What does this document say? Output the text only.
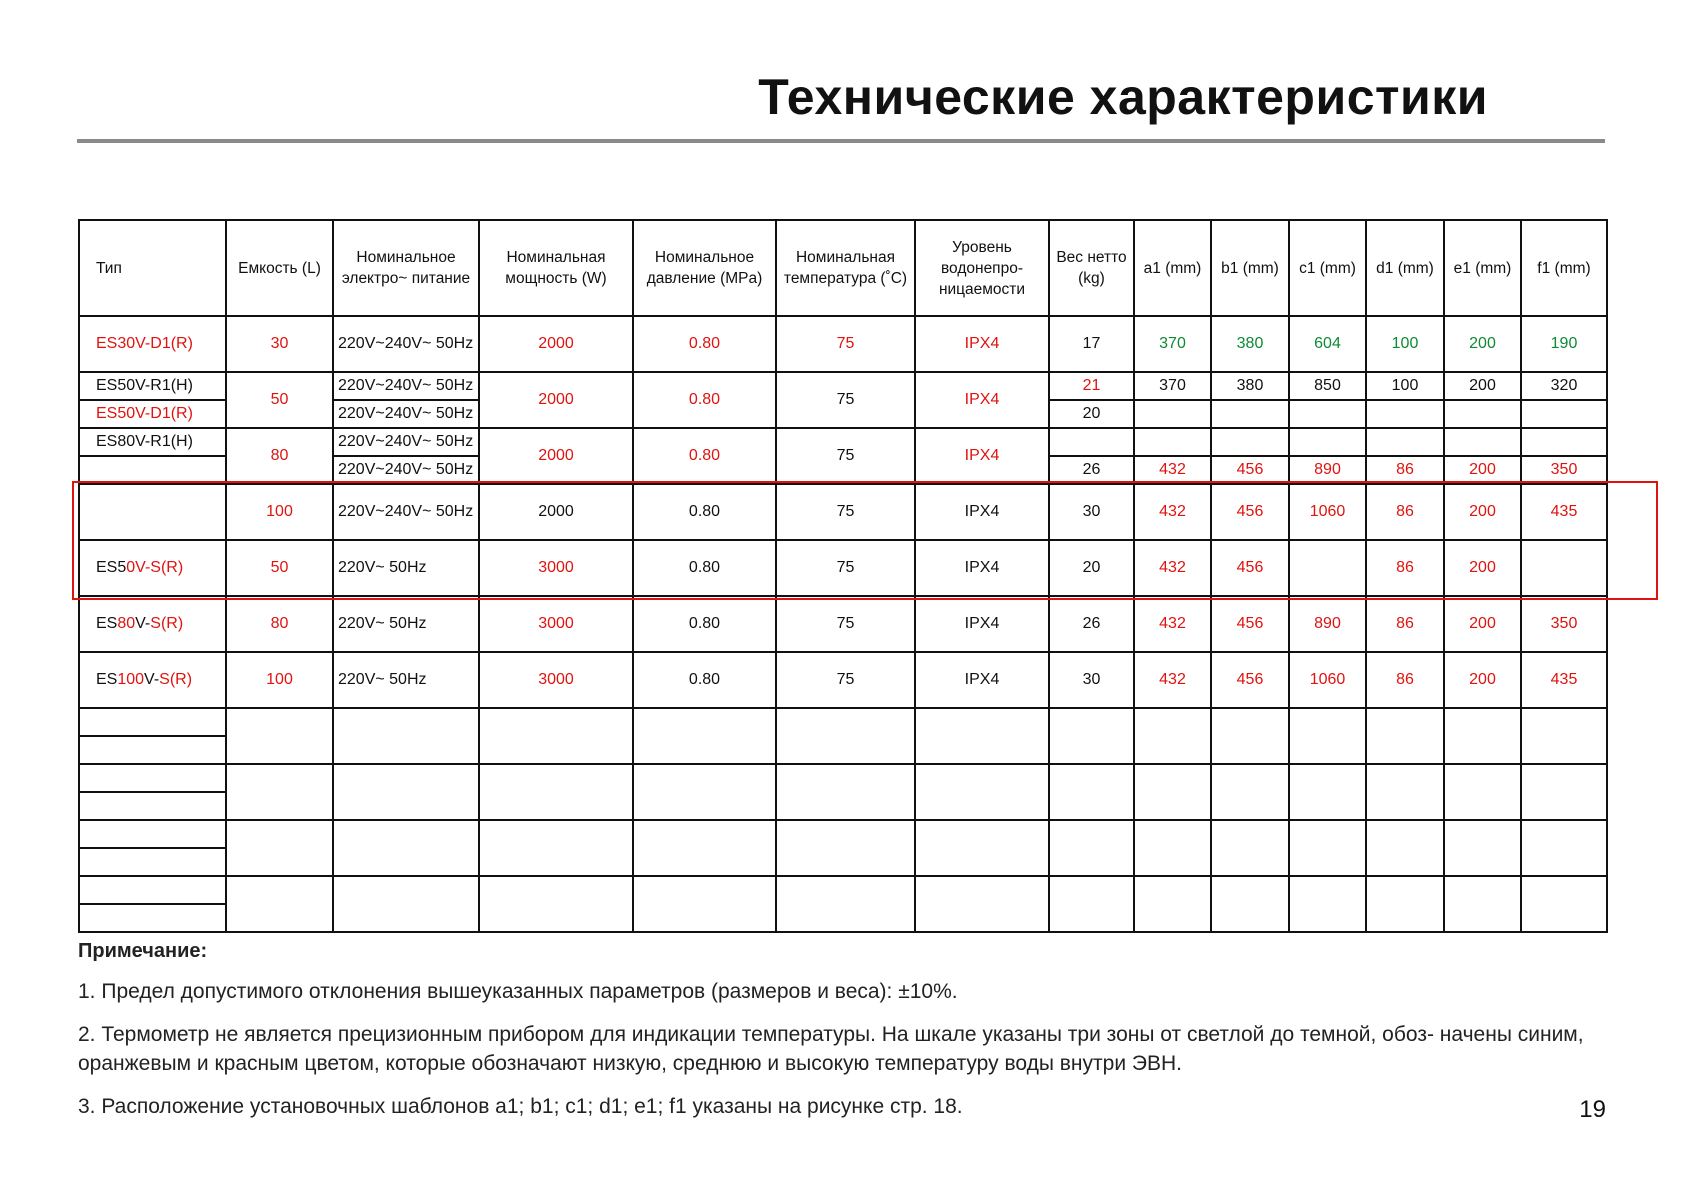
Технические характеристики
Тип	Емкость (L)	Номинальное электро~ питание	Номинальная мощность (W)	Номинальное давление (MPa)	Номинальная температура (˚C)	Уровень водонепро- ницаемости	Вес нетто (kg)	a1 (mm)	b1 (mm)	c1 (mm)	d1 (mm)	e1 (mm)	f1 (mm)
ES30V-D1(R)	30	220V~240V~ 50Hz	2000	0.80	75	IPX4	17	370	380	604	100	200	190
ES50V-R1(H)	50	220V~240V~ 50Hz	2000	0.80	75	IPX4	21	370	380	850	100	200	320
ES50V-D1(R)		220V~240V~ 50Hz					20						
ES80V-R1(H)	80	220V~240V~ 50Hz	2000	0.80	75	IPX4							
		220V~240V~ 50Hz					26	432	456	890	86	200	350
	100	220V~240V~ 50Hz	2000	0.80	75	IPX4	30	432	456	1060	86	200	435
ES50V-S(R)	50	220V~ 50Hz	3000	0.80	75	IPX4	20	432	456		86	200	
ES80V-S(R)	80	220V~ 50Hz	3000	0.80	75	IPX4	26	432	456	890	86	200	350
ES100V-S(R)	100	220V~ 50Hz	3000	0.80	75	IPX4	30	432	456	1060	86	200	435

Примечание:

1. Предел допустимого отклонения вышеуказанных параметров (размеров и веса): ±10%.

2. Термометр не является прецизионным прибором для индикации температуры. На шкале указаны три зоны от светлой до темной, обоз- начены синим, оранжевым и красным цветом, которые обозначают низкую, среднюю и высокую температуру воды внутри ЭВН.

3. Расположение установочных шаблонов a1; b1; c1; d1; e1; f1 указаны на рисунке стр. 18.	19
